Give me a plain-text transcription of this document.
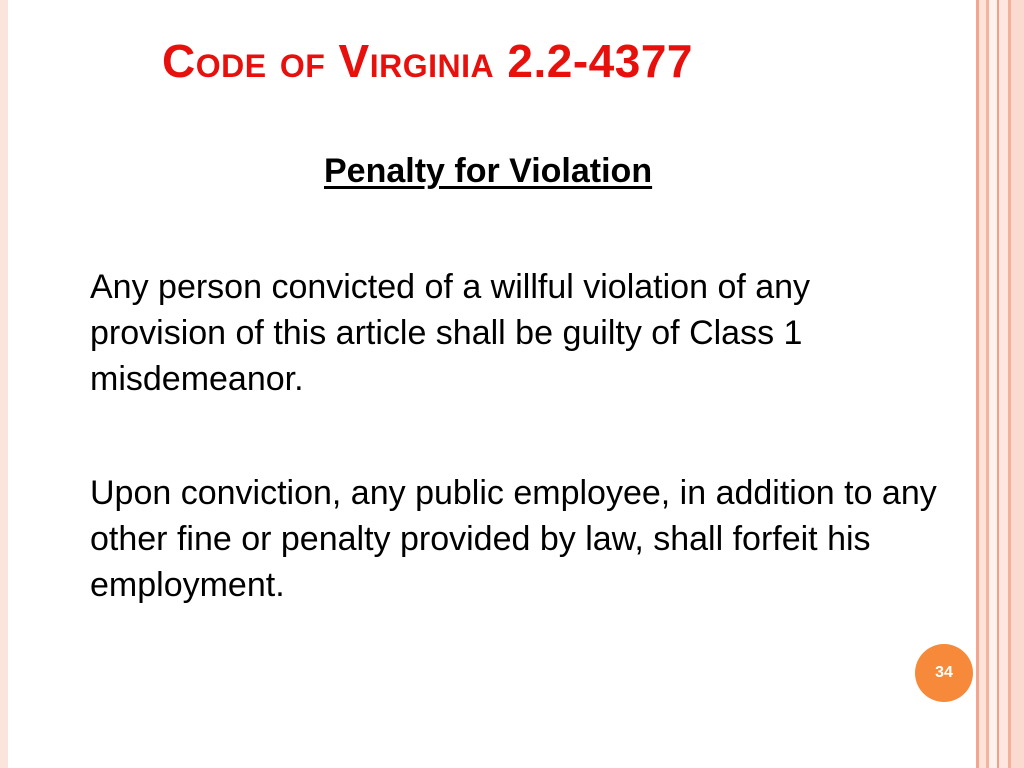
Code of Virginia 2.2-4377
Penalty for Violation

Any person convicted of a willful violation of any provision of this article shall be guilty of Class 1 misdemeanor.

Upon conviction, any public employee, in addition to any other fine or penalty provided by law, shall forfeit his employment.

34
